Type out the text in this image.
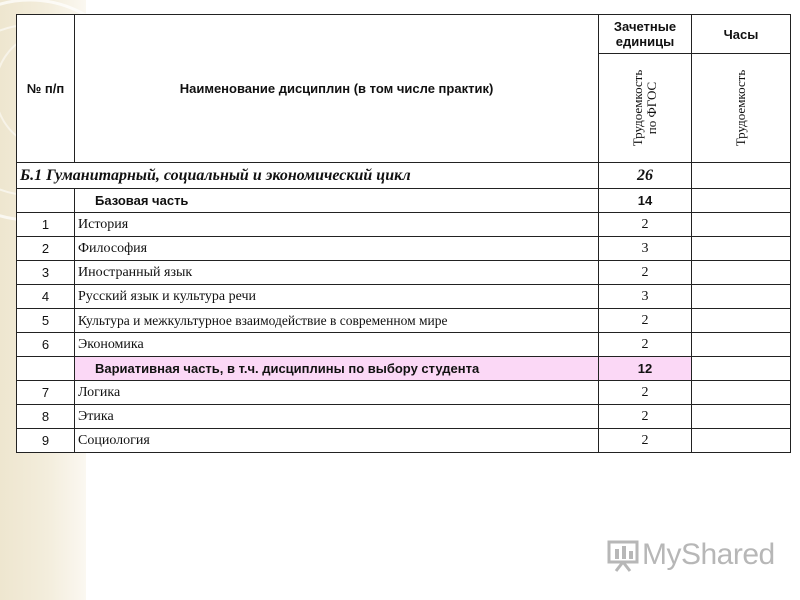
№ п/п	Наименование дисциплин (в том числе практик)	Зачетные единицы	Часы

		Трудоемкость по ФГОС	Трудоемкость

Б.1 Гуманитарный, социальный и экономический цикл		26	
	Базовая часть	14	
1	История	2	
2	Философия	3	
3	Иностранный язык	2	
4	Русский язык и культура речи	3	
5	Культура и межкультурное взаимодействие в современном мире	2	
6	Экономика	2	
	Вариативная часть, в т.ч. дисциплины по выбору студента	12	
7	Логика	2	
8	Этика	2	
9	Социология	2	
MyShared
